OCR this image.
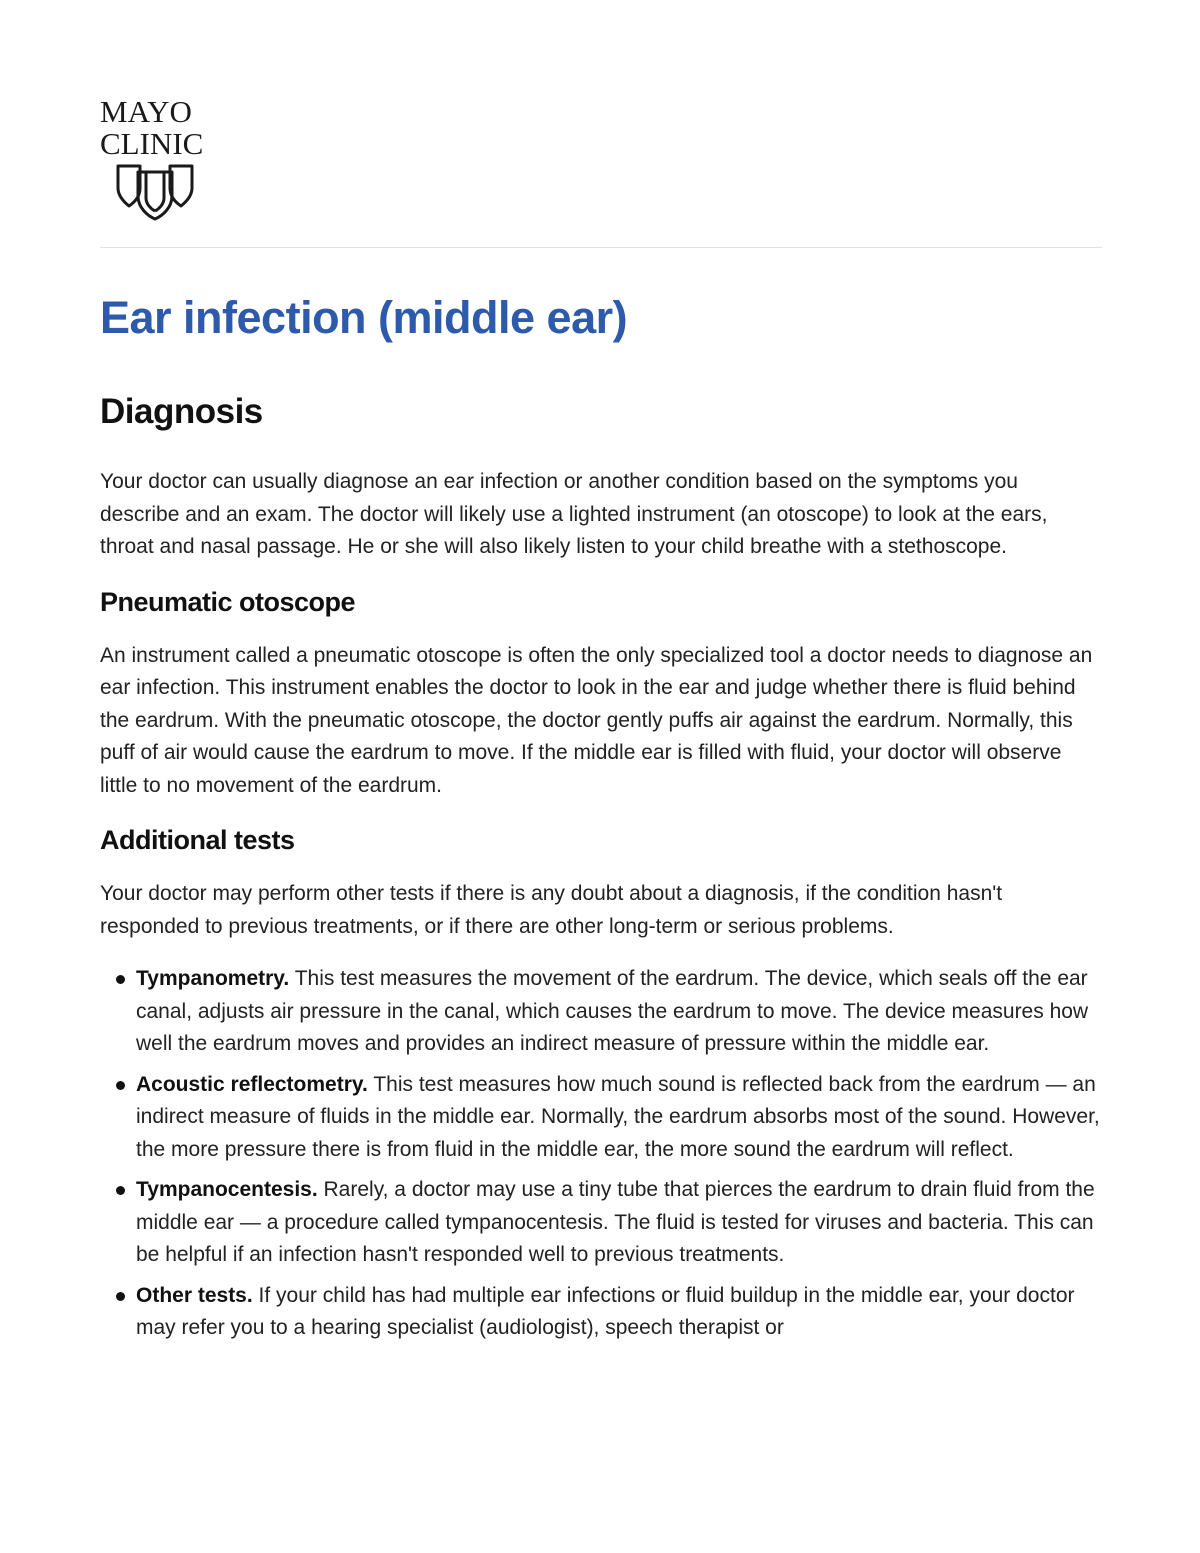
MAYO

CLINIC

Ear infection (middle ear)
Diagnosis

Your doctor can usually diagnose an ear infection or another condition based on the symptoms you describe and an exam. The doctor will likely use a lighted instrument (an otoscope) to look at the ears, throat and nasal passage. He or she will also likely listen to your child breathe with a stethoscope.

Pneumatic otoscope

An instrument called a pneumatic otoscope is often the only specialized tool a doctor needs to diagnose an ear infection. This instrument enables the doctor to look in the ear and judge whether there is fluid behind the eardrum. With the pneumatic otoscope, the doctor gently puffs air against the eardrum. Normally, this puff of air would cause the eardrum to move. If the middle ear is filled with fluid, your doctor will observe little to no movement of the eardrum.

Additional tests

Your doctor may perform other tests if there is any doubt about a diagnosis, if the condition hasn't responded to previous treatments, or if there are other long-term or serious problems.

Tympanometry. This test measures the movement of the eardrum. The device, which seals off the ear canal, adjusts air pressure in the canal, which causes the eardrum to move. The device measures how well the eardrum moves and provides an indirect measure of pressure within the middle ear.
Acoustic reflectometry. This test measures how much sound is reflected back from the eardrum — an indirect measure of fluids in the middle ear. Normally, the eardrum absorbs most of the sound. However, the more pressure there is from fluid in the middle ear, the more sound the eardrum will reflect.
Tympanocentesis. Rarely, a doctor may use a tiny tube that pierces the eardrum to drain fluid from the middle ear — a procedure called tympanocentesis. The fluid is tested for viruses and bacteria. This can be helpful if an infection hasn't responded well to previous treatments.
Other tests. If your child has had multiple ear infections or fluid buildup in the middle ear, your doctor may refer you to a hearing specialist (audiologist), speech therapist or
